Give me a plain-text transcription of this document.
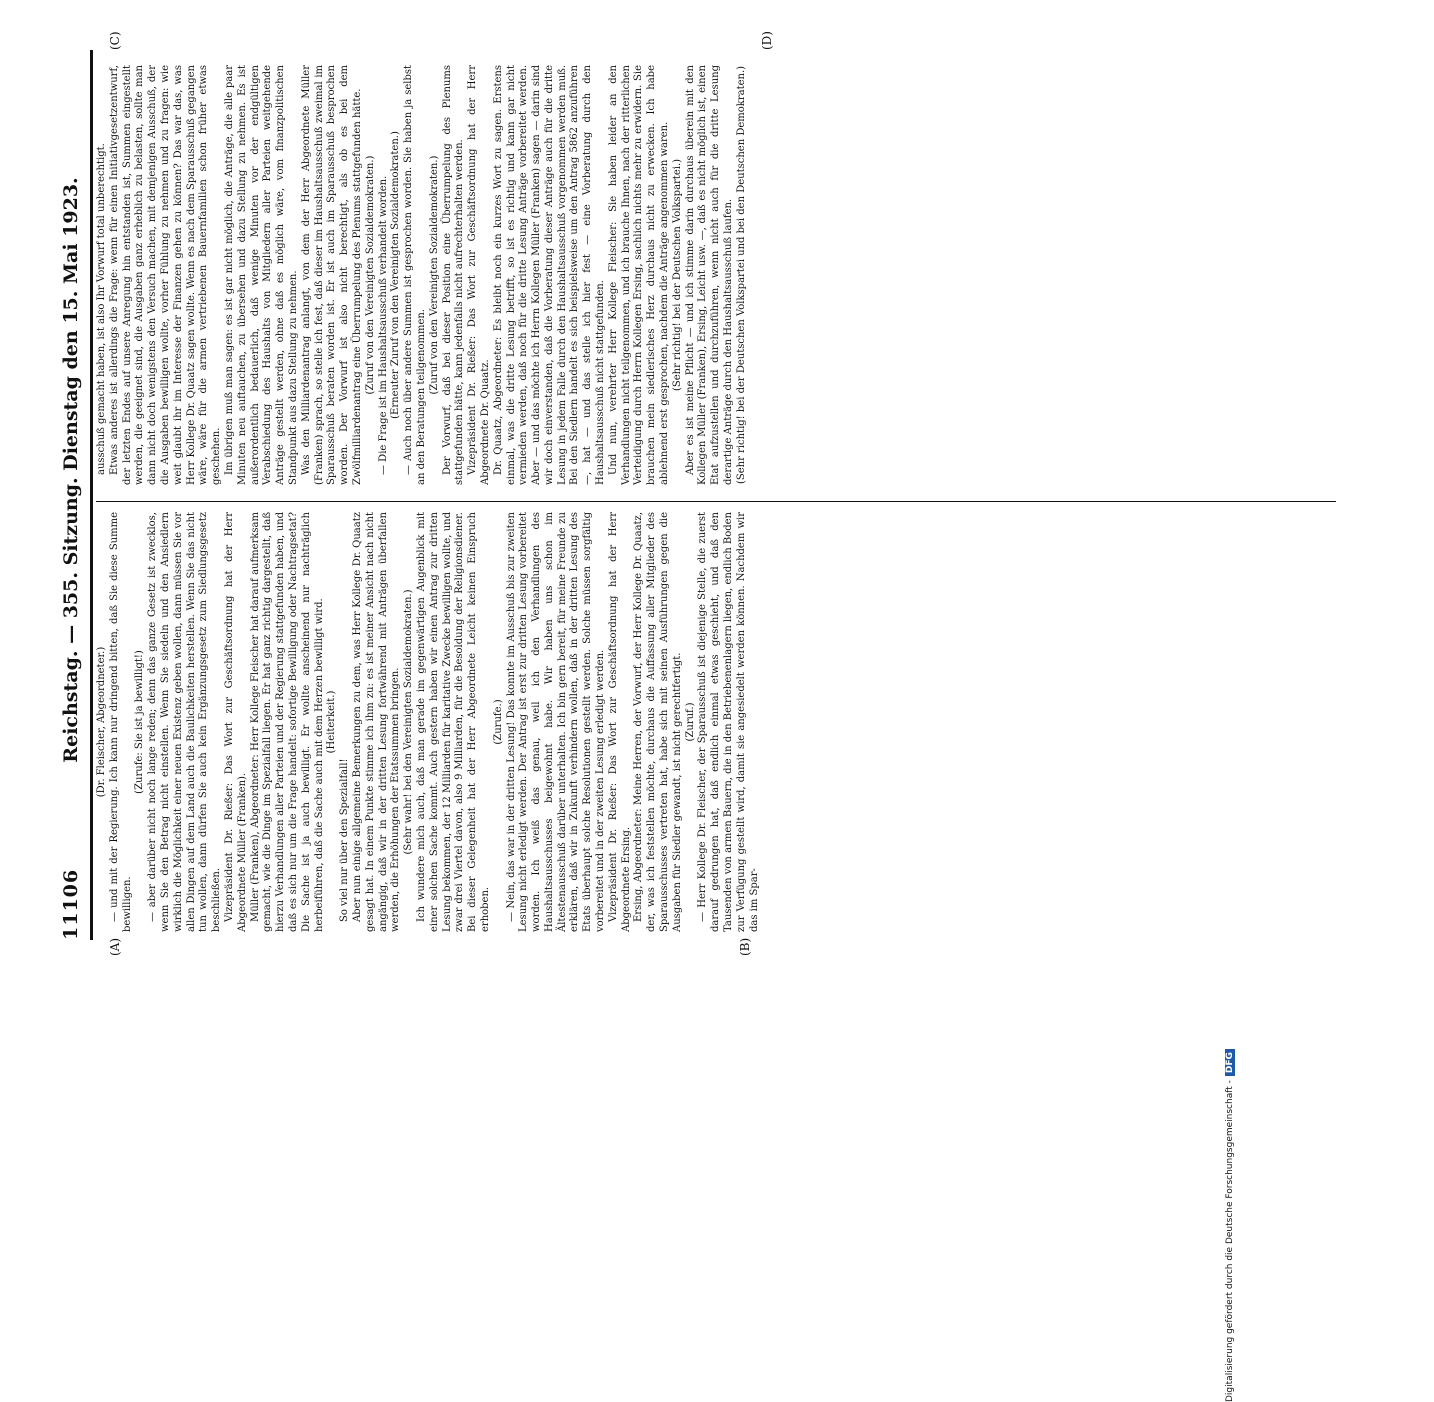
11106
Reichstag. — 355. Sitzung. Dienstag den 15. Mai 1923.
(A)	(B)
(C)	(D)

(Dr. Fleischer, Abgeordneter.) — und mit der Regierung. Ich kann nur dringend bitten, daß Sie diese Summe bewilligen.

(Zurufe: Sie ist ja bewilligt!) — aber darüber nicht noch lange reden; denn das ganze Gesetz ist zwecklos, wenn Sie den Betrag nicht einstellen. Wenn Sie siedeln und den Ansiedlern wirklich die Möglichkeit einer neuen Existenz geben wollen, dann müssen Sie vor allen Dingen auf dem Land auch die Baulichkeiten herstellen. Wenn Sie das nicht tun wollen, dann dürfen Sie auch kein Ergänzungsgesetz zum Siedlungsgesetz beschließen. Vizepräsident Dr. Rießer: Das Wort zur Geschäftsordnung hat der Herr Abgeordnete Müller (Franken). Müller (Franken), Abgeordneter: Herr Kollege Fleischer hat darauf aufmerksam gemacht, wie die Dinge im Spezialfall liegen. Er hat ganz richtig dargestellt, daß hierzu Verhandlungen aller Parteien und der Regierung stattgefunden haben, und daß es sich nur um die Frage handelt: sofortige Bewilligung oder Nachtragsetat? Die Sache ist ja auch bewilligt. Er wollte anscheinend nur nachträglich herbeiführen, daß die Sache auch mit dem Herzen bewilligt wird. (Heiterkeit.)

So viel nur über den Spezialfall! Aber nun einige allgemeine Bemerkungen zu dem, was Herr Kollege Dr. Quaatz gesagt hat. In einem Punkte stimme ich ihm zu: es ist meiner Ansicht nach nicht angängig, daß wir in der dritten Lesung fortwährend mit Anträgen überfallen werden, die Erhöhungen der Etatssummen bringen. (Sehr wahr! bei den Vereinigten Sozialdemokraten.) Ich wundere mich auch, daß man gerade im gegenwärtigen Augenblick mit einer solchen Sache kommt. Auch gestern haben wir einen Antrag zur dritten Lesung bekommen, der 12 Milliarden für karitative Zwecke bewilligen wollte, und zwar drei Viertel davon, also 9 Milliarden, für die Besoldung der Religionsdiener. Bei dieser Gelegenheit hat der Herr Abgeordnete Leicht keinen Einspruch erhoben.

(Zurufe.) — Nein, das war in der dritten Lesung! Das konnte im Ausschuß bis zur zweiten Lesung nicht erledigt werden. Der Antrag ist erst zur dritten Lesung vorbereitet worden. Ich weiß das genau, weil ich den Verhandlungen des Haushaltsausschusses beigewohnt habe. Wir haben uns schon im Ältestenausschuß darüber unterhalten. Ich bin gern bereit, für meine Freunde zu erklären, daß wir in Zukunft verhindern wollen, daß in der dritten Lesung des Etats überhaupt solche Resolutionen gestellt werden. Solche müssen sorgfältig vorbereitet und in der zweiten Lesung erledigt werden. Vizepräsident Dr. Rießer: Das Wort zur Geschäftsordnung hat der Herr Abgeordnete Ersing. Ersing, Abgeordneter: Meine Herren, der Vorwurf, der Herr Kollege Dr. Quaatz, der, was ich feststellen möchte, durchaus die Auffassung aller Mitglieder des Sparausschusses vertreten hat, habe sich mit seinen Ausführungen gegen die Ausgaben für Siedler gewandt, ist nicht gerechtfertigt. (Zuruf.) — Herr Kollege Dr. Fleischer, der Sparausschuß ist diejenige Stelle, die zuerst darauf gedrungen hat, daß endlich einmal etwas geschieht, und daß den Tausenden von armen Bauern, die in den Betriebenenlagern liegen, endlich Boden zur Verfügung gestellt wird, damit sie angesiedelt werden können. Nachdem wir das im Spar-

ausschuß gemacht haben, ist also Ihr Vorwurf total unberechtigt. Etwas anderes ist allerdings die Frage: wenn für einen Initiativgesetzentwurf, der letzten Endes auf unsere Anregung hin entstanden ist, Summen eingestellt werden, die geeignet sind, die Ausgaben ganz erheblich zu belasten, sollte man dann nicht doch wenigstens den Versuch machen, mit demjenigen Ausschuß, der die Ausgaben bewilligen wollte, vorher Fühlung zu nehmen und zu fragen: wie weit glaubt ihr im Interesse der Finanzen gehen zu können? Das war das, was Herr Kollege Dr. Quaatz sagen wollte. Wenn es nach dem Sparausschuß gegangen wäre, wäre für die armen vertriebenen Bauernfamilien schon früher etwas geschehen. Im übrigen muß man sagen: es ist gar nicht möglich, die Anträge, die alle paar Minuten neu auftauchen, zu übersehen und dazu Stellung zu nehmen. Es ist außerordentlich bedauerlich, daß wenige Minuten vor der endgültigen Verabschiedung des Haushalts von Mitgliedern aller Parteien weitgehende Anträge gestellt werden, ohne daß es möglich wäre, vom finanzpolitischen Standpunkt aus dazu Stellung zu nehmen. Was den Milliardenantrag anlangt, von dem der Herr Abgeordnete Müller (Franken) sprach, so stelle ich fest, daß dieser im Haushaltsausschuß zweimal im Sparausschuß beraten worden ist. Er ist auch im Sparausschuß besprochen worden. Der Vorwurf ist also nicht berechtigt, als ob es bei dem Zwölfmilliardenantrag eine Überrumpelung des Plenums stattgefunden hätte. (Zuruf von den Vereinigten Sozialdemokraten.) — Die Frage ist im Haushaltsausschuß verhandelt worden. (Erneuter Zuruf von den Vereinigten Sozialdemokraten.) — Auch noch über andere Summen ist gesprochen worden. Sie haben ja selbst an den Beratungen teilgenommen.

(Zuruf von den Vereinigten Sozialdemokraten.) Der Vorwurf, daß bei dieser Position eine Überrumpelung des Plenums stattgefunden hätte, kann jedenfalls nicht aufrechterhalten werden. Vizepräsident Dr. Rießer: Das Wort zur Geschäftsordnung hat der Herr Abgeordnete Dr. Quaatz. Dr. Quaatz, Abgeordneter: Es bleibt noch ein kurzes Wort zu sagen. Erstens einmal, was die dritte Lesung betrifft, so ist es richtig und kann gar nicht vermieden werden, daß noch für die dritte Lesung Anträge vorbereitet werden. Aber — und das möchte ich Herrn Kollegen Müller (Franken) sagen — darin sind wir doch einverstanden, daß die Vorberatung dieser Anträge auch für die dritte Lesung in jedem Falle durch den Haushaltsausschuß vorgenommen werden muß. Bei den Siedlern handelt es sich beispielsweise um den Antrag 5862 anzuführen —, hat — und das stelle ich hier fest — eine Vorberatung durch den Haushaltsausschuß nicht stattgefunden. Und nun, verehrter Herr Kollege Fleischer: Sie haben leider an den Verhandlungen nicht teilgenommen, und ich brauche Ihnen, nach der ritterlichen Verteidigung durch Herrn Kollegen Ersing, sachlich nichts mehr zu erwidern. Sie brauchen mein siedlerisches Herz durchaus nicht zu erwecken. Ich habe ablehnend erst gesprochen, nachdem die Anträge angenommen waren. (Sehr richtig! bei der Deutschen Volkspartei.) Aber es ist meine Pflicht — und ich stimme darin durchaus überein mit den Kollegen Müller (Franken), Ersing, Leicht usw. —, daß es nicht möglich ist, einen Etat aufzustellen und durchzuführen, wenn nicht auch für die dritte Lesung derartige Anträge durch den Haushaltsausschuß laufen. (Sehr richtig! bei der Deutschen Volkspartei und bei den Deutschen Demokraten.)

Digitalisierung gefördert durch die Deutsche Forschungsgemeinschaft -DFG
